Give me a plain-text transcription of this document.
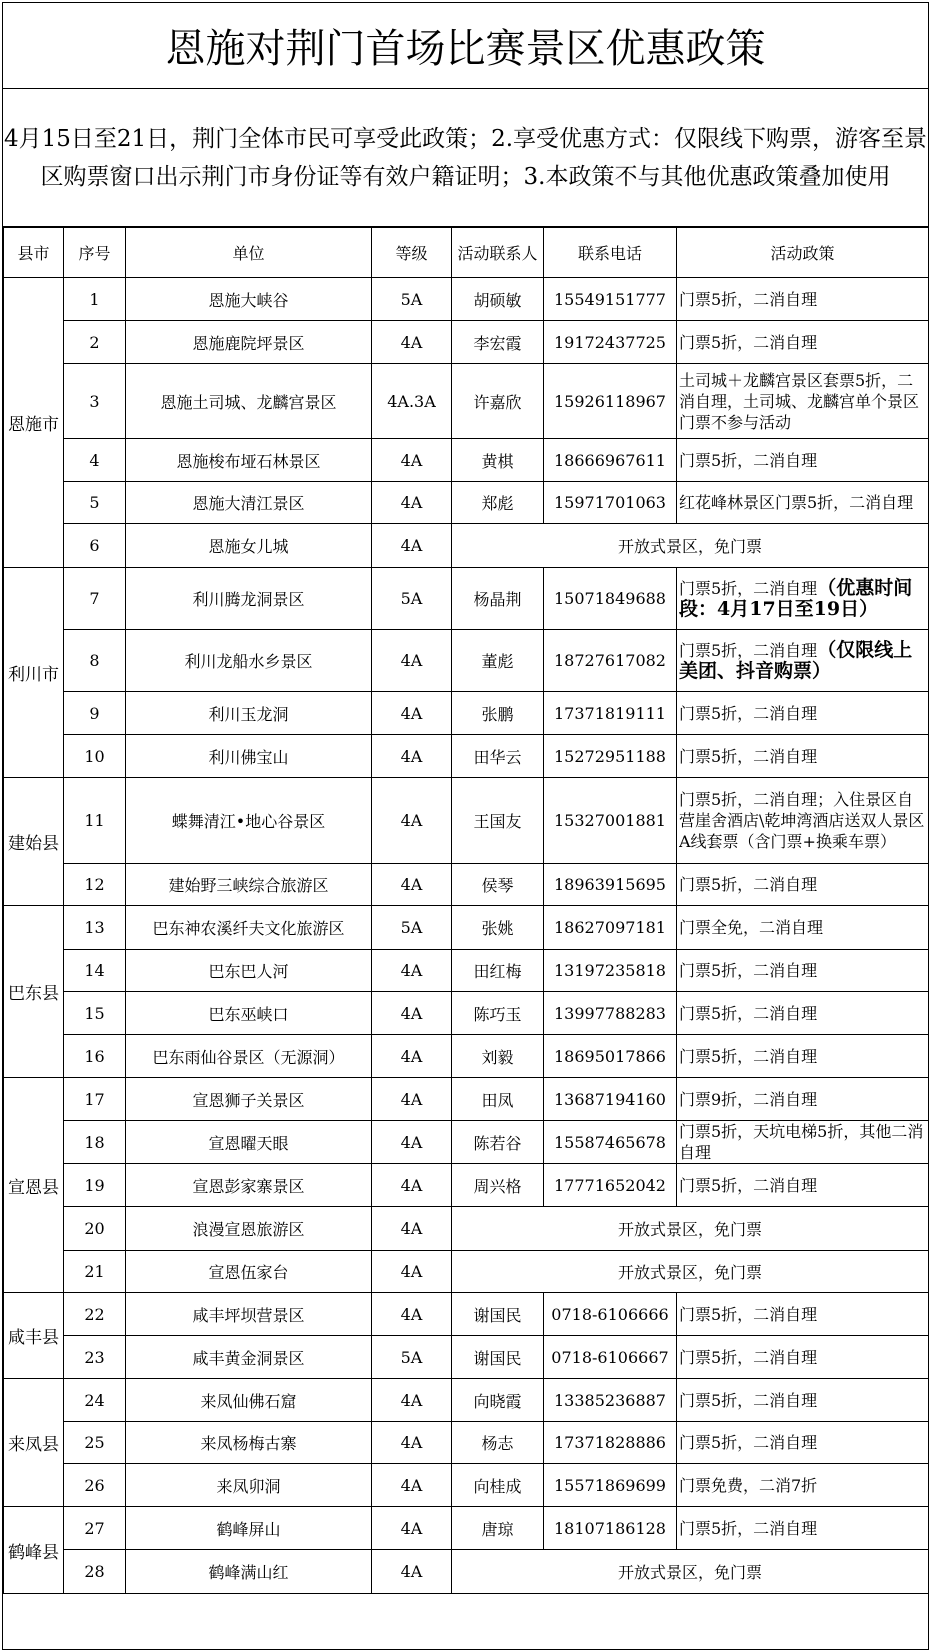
恩施对荆门首场比赛景区优惠政策
4月15日至21日，荆门全体市民可享受此政策；2.享受优惠方式：仅限线下购票，游客至景区购票窗口出示荆门市身份证等有效户籍证明；3.本政策不与其他优惠政策叠加使用
县市	序号	单位	等级	活动联系人	联系电话	活动政策
恩施市	1	恩施大峡谷	5A	胡硕敏	15549151777	门票5折，二消自理

	2	恩施鹿院坪景区	4A	李宏霞	19172437725	门票5折，二消自理

	3	恩施土司城、龙麟宫景区	4A.3A	许嘉欣	15926118967	土司城＋龙麟宫景区套票5折，二消自理，土司城、龙麟宫单个景区门票不参与活动
	4	恩施梭布垭石林景区	4A	黄棋	18666967611	门票5折，二消自理

	5	恩施大清江景区	4A	郑彪	15971701063	红花峰林景区门票5折，二消自理

	6	恩施女儿城	4A	开放式景区，免门票		
利川市	7	利川腾龙洞景区	5A	杨晶荆	15071849688	门票5折，二消自理（优惠时间段：4月17日至19日）
	8	利川龙船水乡景区	4A	董彪	18727617082	门票5折，二消自理（仅限线上美团、抖音购票）
	9	利川玉龙洞	4A	张鹏	17371819111	门票5折，二消自理

	10	利川佛宝山	4A	田华云	15272951188	门票5折，二消自理

建始县	11	蝶舞清江•地心谷景区	4A	王国友	15327001881	门票5折，二消自理；入住景区自营崖舍酒店\乾坤湾酒店送双人景区A线套票（含门票+换乘车票）

	12	建始野三峡综合旅游区	4A	侯琴	18963915695	门票5折，二消自理

巴东县	13	巴东神农溪纤夫文化旅游区	5A	张姚	18627097181	门票全免，二消自理

	14	巴东巴人河	4A	田红梅	13197235818	门票5折，二消自理

	15	巴东巫峡口	4A	陈巧玉	13997788283	门票5折，二消自理

	16	巴东雨仙谷景区（无源洞）	4A	刘毅	18695017866	门票5折，二消自理

宣恩县	17	宣恩狮子关景区	4A	田凤	13687194160	门票9折，二消自理

	18	宣恩曜天眼	4A	陈若谷	15587465678	门票5折，天坑电梯5折，其他二消自理

	19	宣恩彭家寨景区	4A	周兴格	17771652042	门票5折，二消自理

	20	浪漫宣恩旅游区	4A	开放式景区，免门票		
	21	宣恩伍家台	4A	开放式景区，免门票		
咸丰县	22	咸丰坪坝营景区	4A	谢国民	0718-6106666	门票5折，二消自理

	23	咸丰黄金洞景区	5A	谢国民	0718-6106667	门票5折，二消自理

来凤县	24	来凤仙佛石窟	4A	向晓霞	13385236887	门票5折，二消自理

	25	来凤杨梅古寨	4A	杨志	17371828886	门票5折，二消自理

	26	来凤卯洞	4A	向桂成	15571869699	门票免费，二消7折

鹤峰县	27	鹤峰屏山	4A	唐琼	18107186128	门票5折，二消自理

	28	鹤峰满山红	4A	开放式景区，免门票		
